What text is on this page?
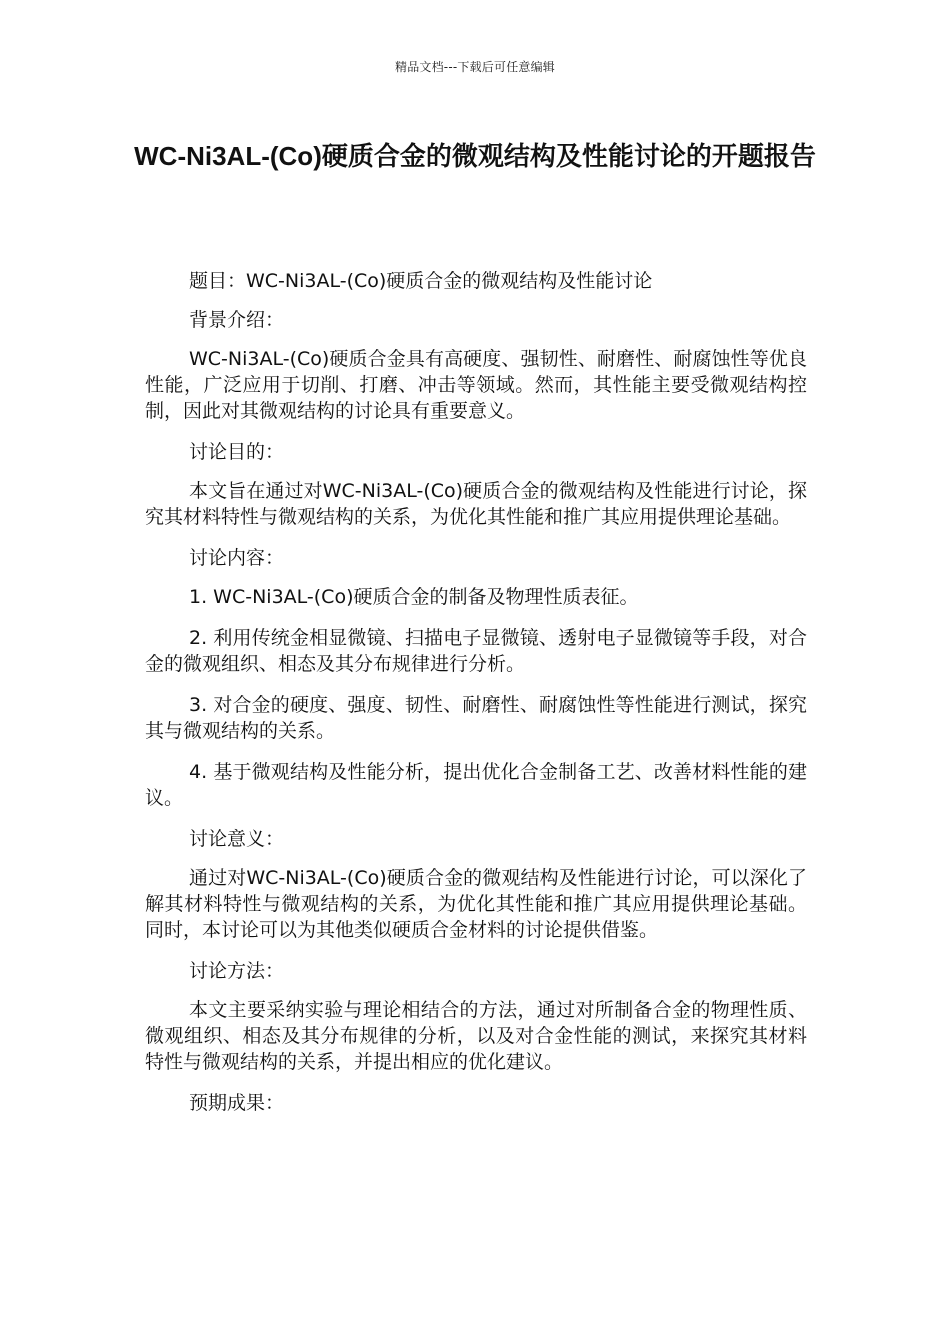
精品文档---下载后可任意编辑
WC-Ni3AL-(Co)硬质合金的微观结构及性能讨论的开题报告

题目：WC-Ni3AL-(Co)硬质合金的微观结构及性能讨论

背景介绍：

WC-Ni3AL-(Co)硬质合金具有高硬度、强韧性、耐磨性、耐腐蚀性等优良性能，广泛应用于切削、打磨、冲击等领域。然而，其性能主要受微观结构控制，因此对其微观结构的讨论具有重要意义。

讨论目的：

本文旨在通过对WC-Ni3AL-(Co)硬质合金的微观结构及性能进行讨论，探究其材料特性与微观结构的关系，为优化其性能和推广其应用提供理论基础。

讨论内容：

1. WC-Ni3AL-(Co)硬质合金的制备及物理性质表征。

2. 利用传统金相显微镜、扫描电子显微镜、透射电子显微镜等手段，对合金的微观组织、相态及其分布规律进行分析。

3. 对合金的硬度、强度、韧性、耐磨性、耐腐蚀性等性能进行测试，探究其与微观结构的关系。

4. 基于微观结构及性能分析，提出优化合金制备工艺、改善材料性能的建议。

讨论意义：

通过对WC-Ni3AL-(Co)硬质合金的微观结构及性能进行讨论，可以深化了解其材料特性与微观结构的关系，为优化其性能和推广其应用提供理论基础。同时，本讨论可以为其他类似硬质合金材料的讨论提供借鉴。

讨论方法：

本文主要采纳实验与理论相结合的方法，通过对所制备合金的物理性质、微观组织、相态及其分布规律的分析，以及对合金性能的测试，来探究其材料特性与微观结构的关系，并提出相应的优化建议。

预期成果：
